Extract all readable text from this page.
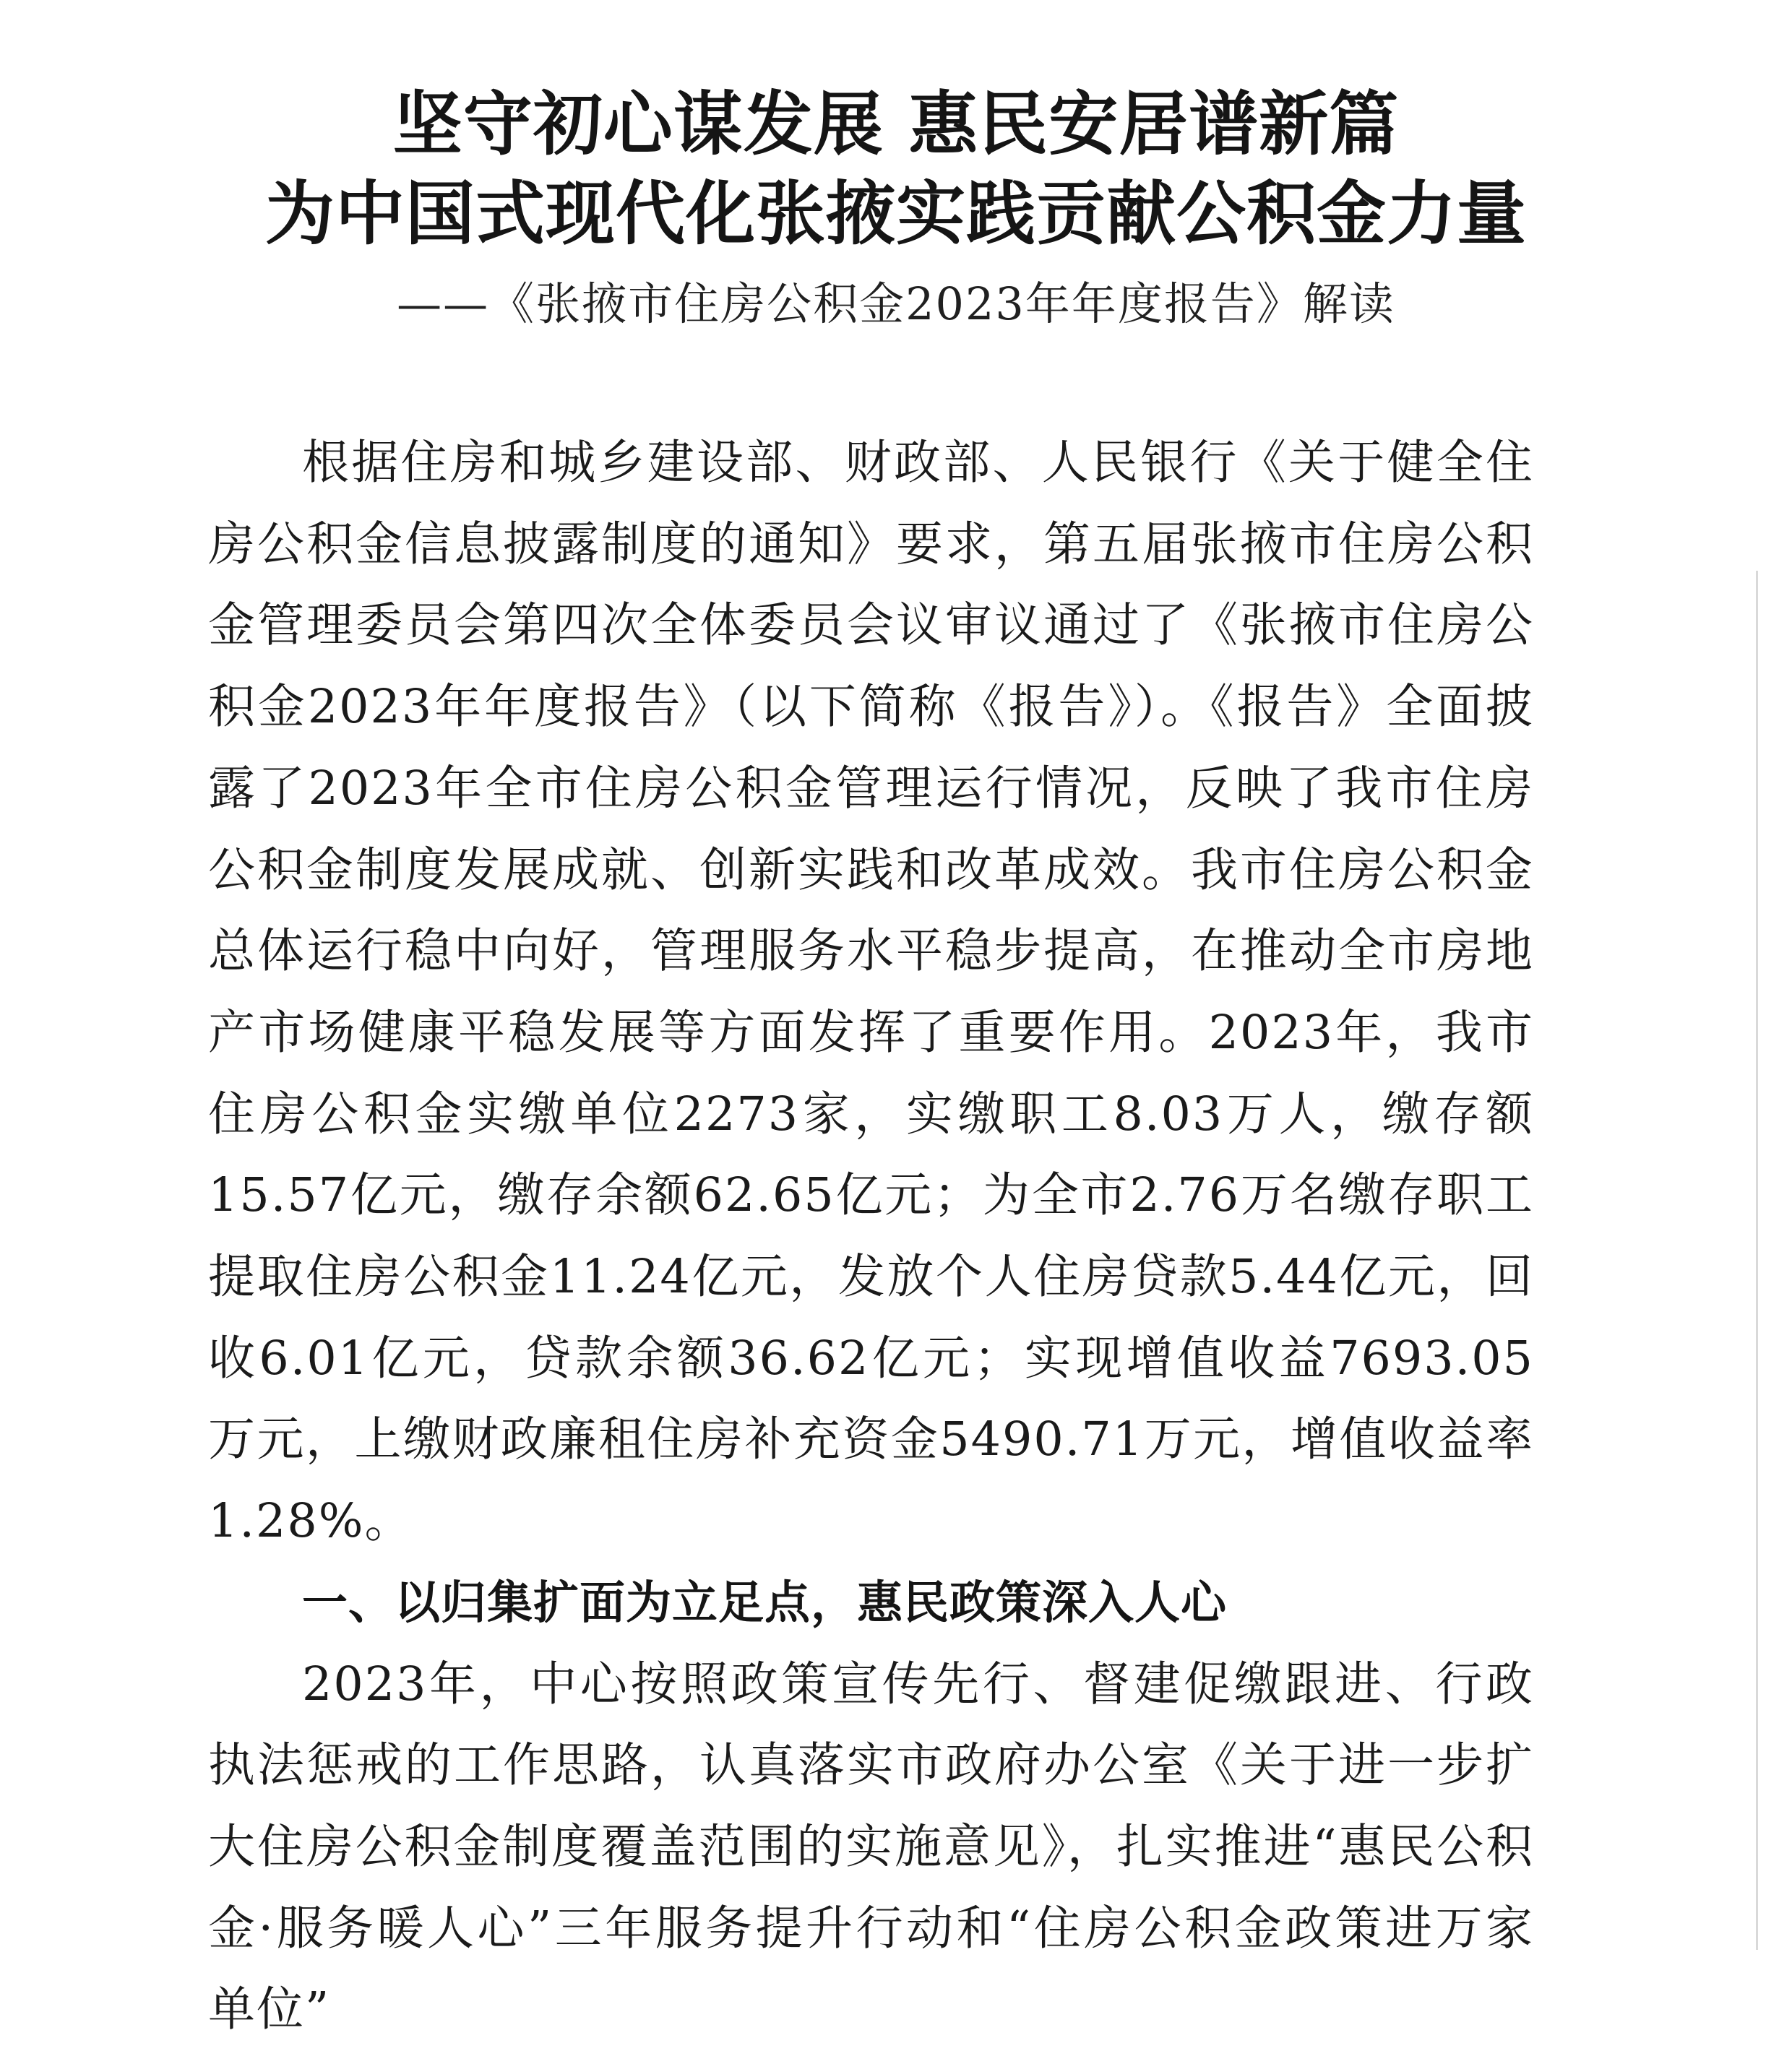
坚守初心谋发展 惠民安居谱新篇
为中国式现代化张掖实践贡献公积金力量
——《张掖市住房公积金2023年年度报告》解读

根据住房和城乡建设部、财政部、人民银行《关于健全住房公积金信息披露制度的通知》要求，第五届张掖市住房公积金管理委员会第四次全体委员会议审议通过了《张掖市住房公积金2023年年度报告》（以下简称《报告》）。《报告》全面披露了2023年全市住房公积金管理运行情况，反映了我市住房公积金制度发展成就、创新实践和改革成效。我市住房公积金总体运行稳中向好，管理服务水平稳步提高，在推动全市房地产市场健康平稳发展等方面发挥了重要作用。2023年，我市住房公积金实缴单位2273家，实缴职工8.03万人，缴存额15.57亿元，缴存余额62.65亿元；为全市2.76万名缴存职工提取住房公积金11.24亿元，发放个人住房贷款5.44亿元，回收6.01亿元，贷款余额36.62亿元；实现增值收益7693.05万元，上缴财政廉租住房补充资金5490.71万元，增值收益率1.28%。

一、以归集扩面为立足点，惠民政策深入人心

2023年，中心按照政策宣传先行、督建促缴跟进、行政执法惩戒的工作思路，认真落实市政府办公室《关于进一步扩大住房公积金制度覆盖范围的实施意见》，扎实推进“惠民公积金·服务暖人心”三年服务提升行动和“住房公积金政策进万家单位”
